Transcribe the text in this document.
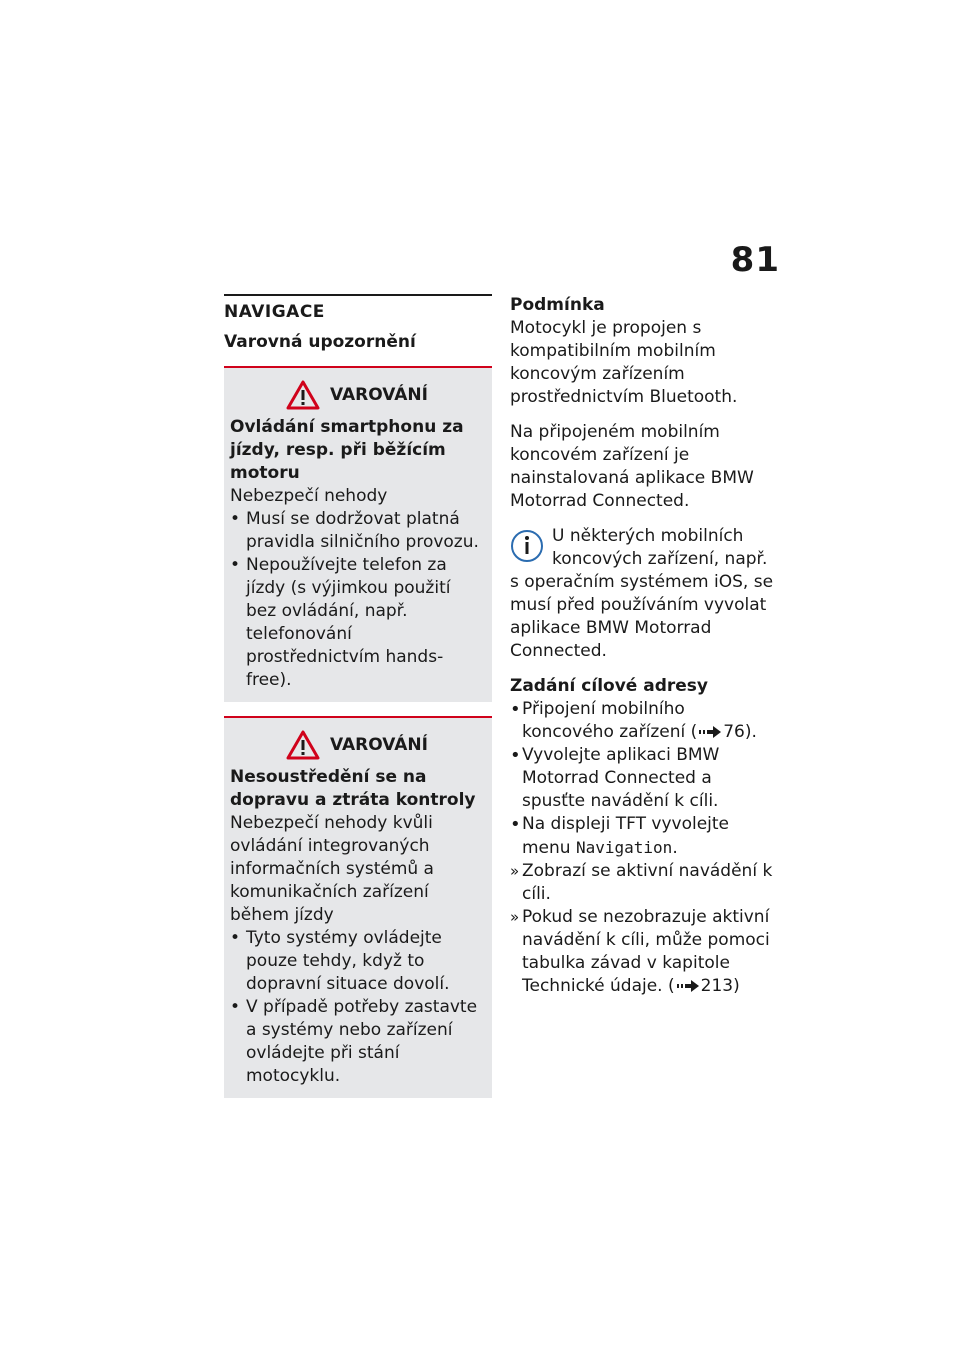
81
NAVIGACE
Varovná upozornění
VAROVÁNÍ
Ovládání smartphonu za jízdy, resp. při běžícím motoru
Nebezpečí nehody
• Musí se dodržovat platná pravidla silničního provozu.
• Nepoužívejte telefon za jízdy (s výjimkou použití bez ovládání, např. telefonování prostřednictvím hands-free).
VAROVÁNÍ
Nesoustředění se na dopravu a ztráta kontroly
Nebezpečí nehody kvůli ovládání integrovaných informačních systémů a komunikačních zařízení během jízdy
• Tyto systémy ovládejte pouze tehdy, když to dopravní situace dovolí.
• V případě potřeby zastavte a systémy nebo zařízení ovládejte při stání motocyklu.
Podmínka

Motocykl je propojen s kompatibilním mobilním koncovým zařízením prostřednictvím Bluetooth.

Na připojeném mobilním koncovém zařízení je nainstalovaná aplikace BMW Motorrad Connected.

U některých mobilních koncových zařízení, např.
s operačním systémem iOS, se musí před používáním vyvolat aplikace BMW Motorrad Connected.
Zadání cílové adresy
• Připojení mobilního koncového zařízení ( 76).
• Vyvolejte aplikaci BMW Motorrad Connected a spusťte navádění k cíli.
• Na displeji TFT vyvolejte menu Navigation.
» Zobrazí se aktivní navádění k cíli.
» Pokud se nezobrazuje aktivní navádění k cíli, může pomoci tabulka závad v kapitole Technické údaje. ( 213)
